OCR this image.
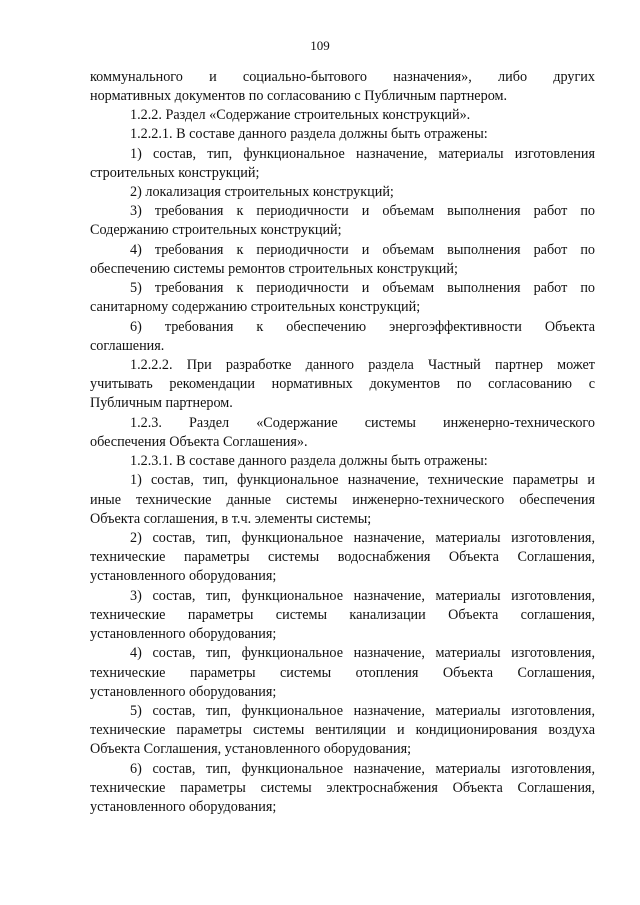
109
коммунального и социально-бытового назначения», либо других
нормативных документов по согласованию с Публичным партнером.
1.2.2. Раздел «Содержание строительных конструкций».
1.2.2.1. В составе данного раздела должны быть отражены:
1) состав, тип, функциональное назначение, материалы изготовления
строительных конструкций;
2) локализация строительных конструкций;
3) требования к периодичности и объемам выполнения работ по
Содержанию строительных конструкций;
4) требования к периодичности и объемам выполнения работ по
обеспечению системы ремонтов строительных конструкций;
5) требования к периодичности и объемам выполнения работ по
санитарному содержанию строительных конструкций;
6) требования к обеспечению энергоэффективности Объекта
соглашения.
1.2.2.2. При разработке данного раздела Частный партнер может
учитывать рекомендации нормативных документов по согласованию с
Публичным партнером.
1.2.3. Раздел «Содержание системы инженерно-технического
обеспечения Объекта Соглашения».
1.2.3.1. В составе данного раздела должны быть отражены:
1) состав, тип, функциональное назначение, технические параметры и
иные технические данные системы инженерно-технического обеспечения
Объекта соглашения, в т.ч. элементы системы;
2) состав, тип, функциональное назначение, материалы изготовления,
технические параметры системы водоснабжения Объекта Соглашения,
установленного оборудования;
3) состав, тип, функциональное назначение, материалы изготовления,
технические параметры системы канализации Объекта соглашения,
установленного оборудования;
4) состав, тип, функциональное назначение, материалы изготовления,
технические параметры системы отопления Объекта Соглашения,
установленного оборудования;
5) состав, тип, функциональное назначение, материалы изготовления,
технические параметры системы вентиляции и кондиционирования воздуха
Объекта Соглашения, установленного оборудования;
6) состав, тип, функциональное назначение, материалы изготовления,
технические параметры системы электроснабжения Объекта Соглашения,
установленного оборудования;
